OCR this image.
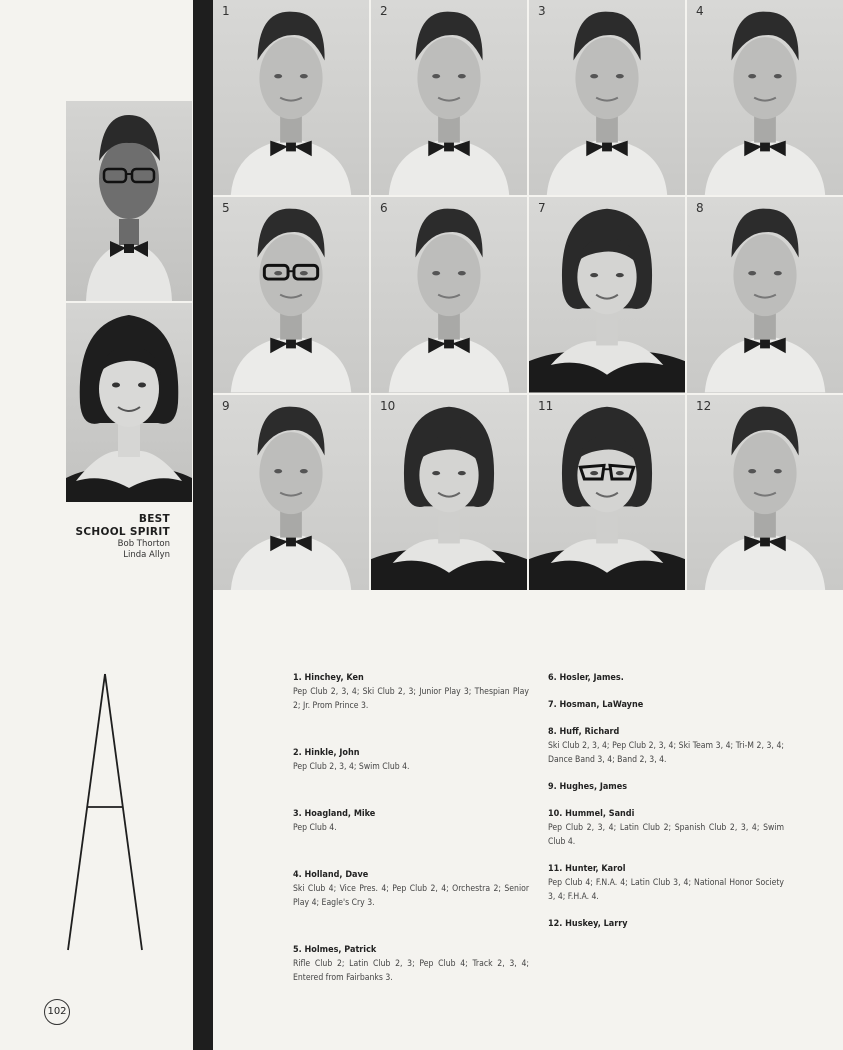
BEST
SCHOOL SPIRIT
Bob Thorton
Linda Allyn
1	2	3	4
5	6	7	8
9	10	11	12
A
102
1. Hinchey, Ken
Pep Club 2, 3, 4; Ski Club 2, 3; Junior Play 3; Thespian Play 2; Jr. Prom Prince 3.
2. Hinkle, John
Pep Club 2, 3, 4; Swim Club 4.
3. Hoagland, Mike
Pep Club 4.
4. Holland, Dave
Ski Club 4; Vice Pres. 4; Pep Club 2, 4; Orchestra 2; Senior Play 4; Eagle's Cry 3.
5. Holmes, Patrick
Rifle Club 2; Latin Club 2, 3; Pep Club 4; Track 2, 3, 4; Entered from Fairbanks 3.
6. Hosler, James.
7. Hosman, LaWayne
8. Huff, Richard
Ski Club 2, 3, 4; Pep Club 2, 3, 4; Ski Team 3, 4; Tri-M 2, 3, 4; Dance Band 3, 4; Band 2, 3, 4.
9. Hughes, James
10. Hummel, Sandi
Pep Club 2, 3, 4; Latin Club 2; Spanish Club 2, 3, 4; Swim Club 4.
11. Hunter, Karol
Pep Club 4; F.N.A. 4; Latin Club 3, 4; National Honor Society 3, 4; F.H.A. 4.
12. Huskey, Larry
